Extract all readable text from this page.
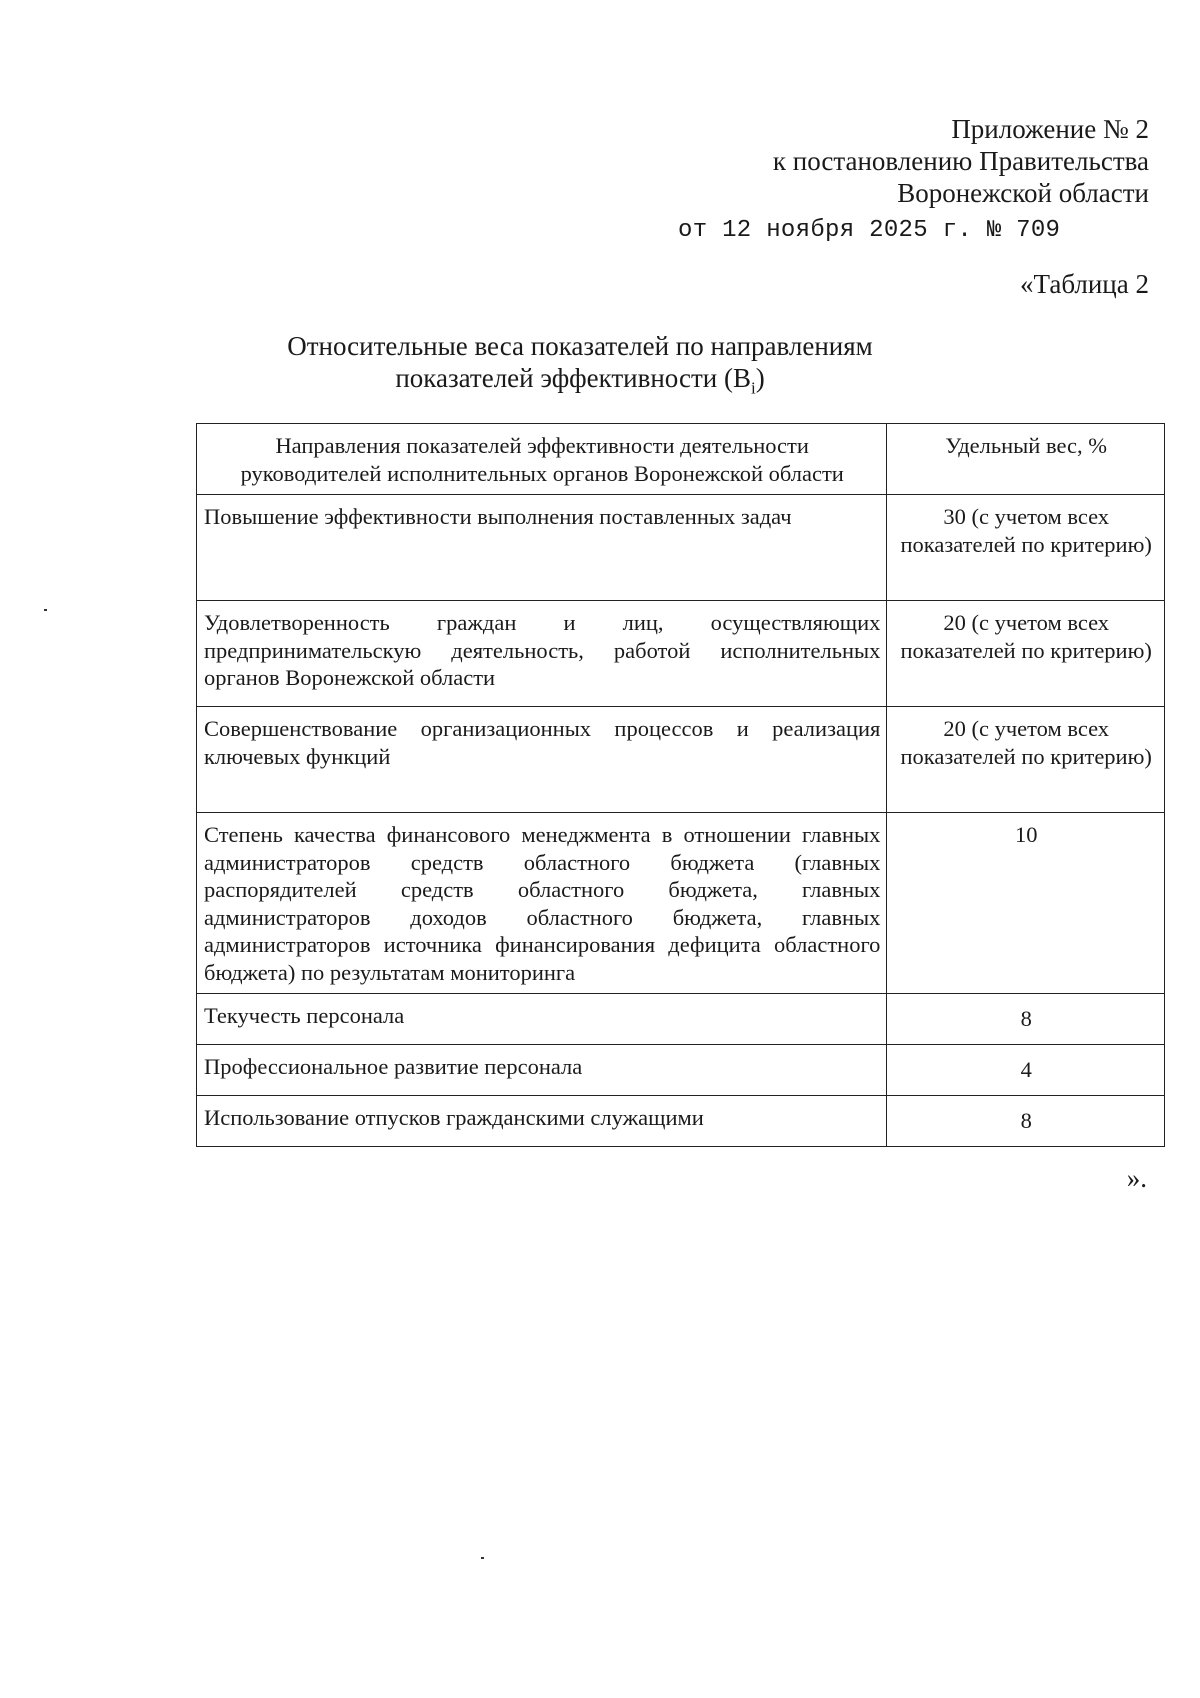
Приложение № 2
к постановлению Правительства
Воронежской области
от 12 ноября 2025 г. № 709
«Таблица 2
Относительные веса показателей по направлениям
показателей эффективности $(В_i)$
Направления показателей эффективности деятельности руководителей исполнительных органов Воронежской области	Удельный вес, %
Повышение эффективности выполнения поставленных задач	30 (с учетом всех показателей по критерию)
Удовлетворенность граждан и лиц, осуществляющих предпринимательскую деятельность, работой исполнительных органов Воронежской области	20 (с учетом всех показателей по критерию)
Совершенствование организационных процессов и реализация ключевых функций	20 (с учетом всех показателей по критерию)
Степень качества финансового менеджмента в отношении главных администраторов средств областного бюджета (главных распорядителей средств областного бюджета, главных администраторов доходов областного бюджета, главных администраторов источника финансирования дефицита областного бюджета) по результатам мониторинга	10
Текучесть персонала	8
Профессиональное развитие персонала	4
Использование отпусков гражданскими служащими	8
».
